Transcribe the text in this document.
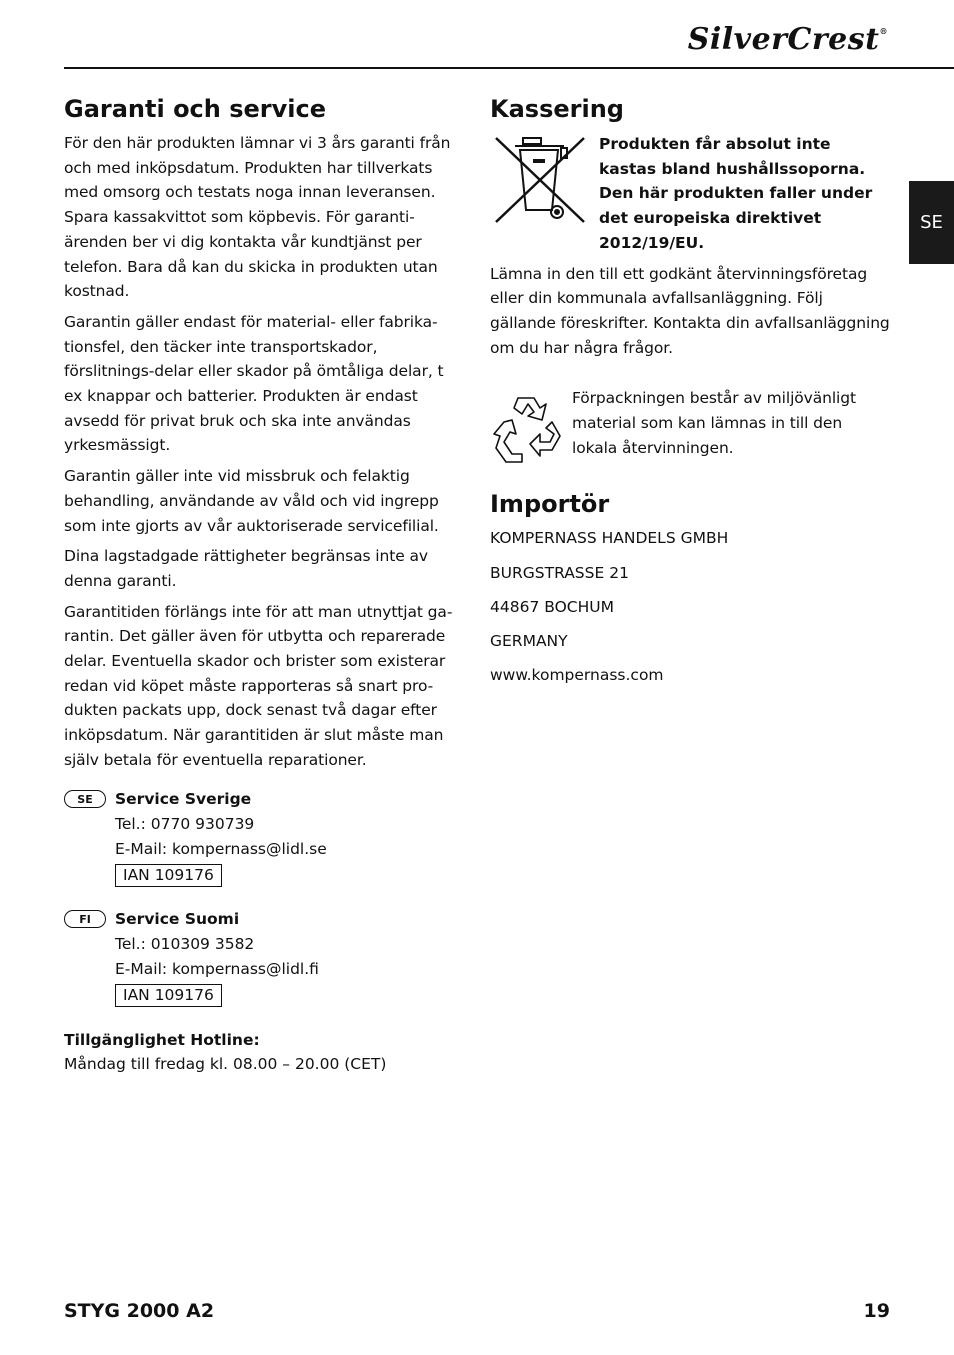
SilverCrest®
SE
Garanti och service

För den här produkten lämnar vi 3 års garanti från och med inköpsdatum. Produkten har tillverkats med omsorg och testats noga innan leveransen. Spara kassakvittot som köpbevis. För garanti-ärenden ber vi dig kontakta vår kundtjänst per telefon. Bara då kan du skicka in produkten utan kostnad.

Garantin gäller endast för material- eller fabrika-tionsfel, den täcker inte transportskador, förslitnings-delar eller skador på ömtåliga delar, t ex knappar och batterier. Produkten är endast avsedd för privat bruk och ska inte användas yrkesmässigt.

Garantin gäller inte vid missbruk och felaktig behandling, användande av våld och vid ingrepp som inte gjorts av vår auktoriserade servicefilial.

Dina lagstadgade rättigheter begränsas inte av denna garanti.

Garantitiden förlängs inte för att man utnyttjat ga-rantin. Det gäller även för utbytta och reparerade delar. Eventuella skador och brister som existerar redan vid köpet måste rapporteras så snart pro-dukten packats upp, dock senast två dagar efter inköpsdatum. När garantitiden är slut måste man själv betala för eventuella reparationer.

SE	Service Sverige
Tel.: 0770 930739
E-Mail: kompernass@lidl.se
IAN 109176
FI	Service Suomi
Tel.: 010309 3582
E-Mail: kompernass@lidl.fi
IAN 109176
Tillgänglighet Hotline:
Måndag till fredag kl. 08.00 – 20.00 (CET)
Kassering
Produkten får absolut inte kastas bland hushållssoporna. Den här produkten faller under det europeiska direktivet 2012/19/EU.

Lämna in den till ett godkänt återvinningsföretag eller din kommunala avfallsanläggning. Följ gällande föreskrifter. Kontakta din avfallsanläggning om du har några frågor.

Förpackningen består av miljövänligt material som kan lämnas in till den lokala återvinningen.

Importör
KOMPERNASS HANDELS GMBH
BURGSTRASSE 21
44867 BOCHUM
GERMANY
www.kompernass.com
STYG 2000 A2	19
